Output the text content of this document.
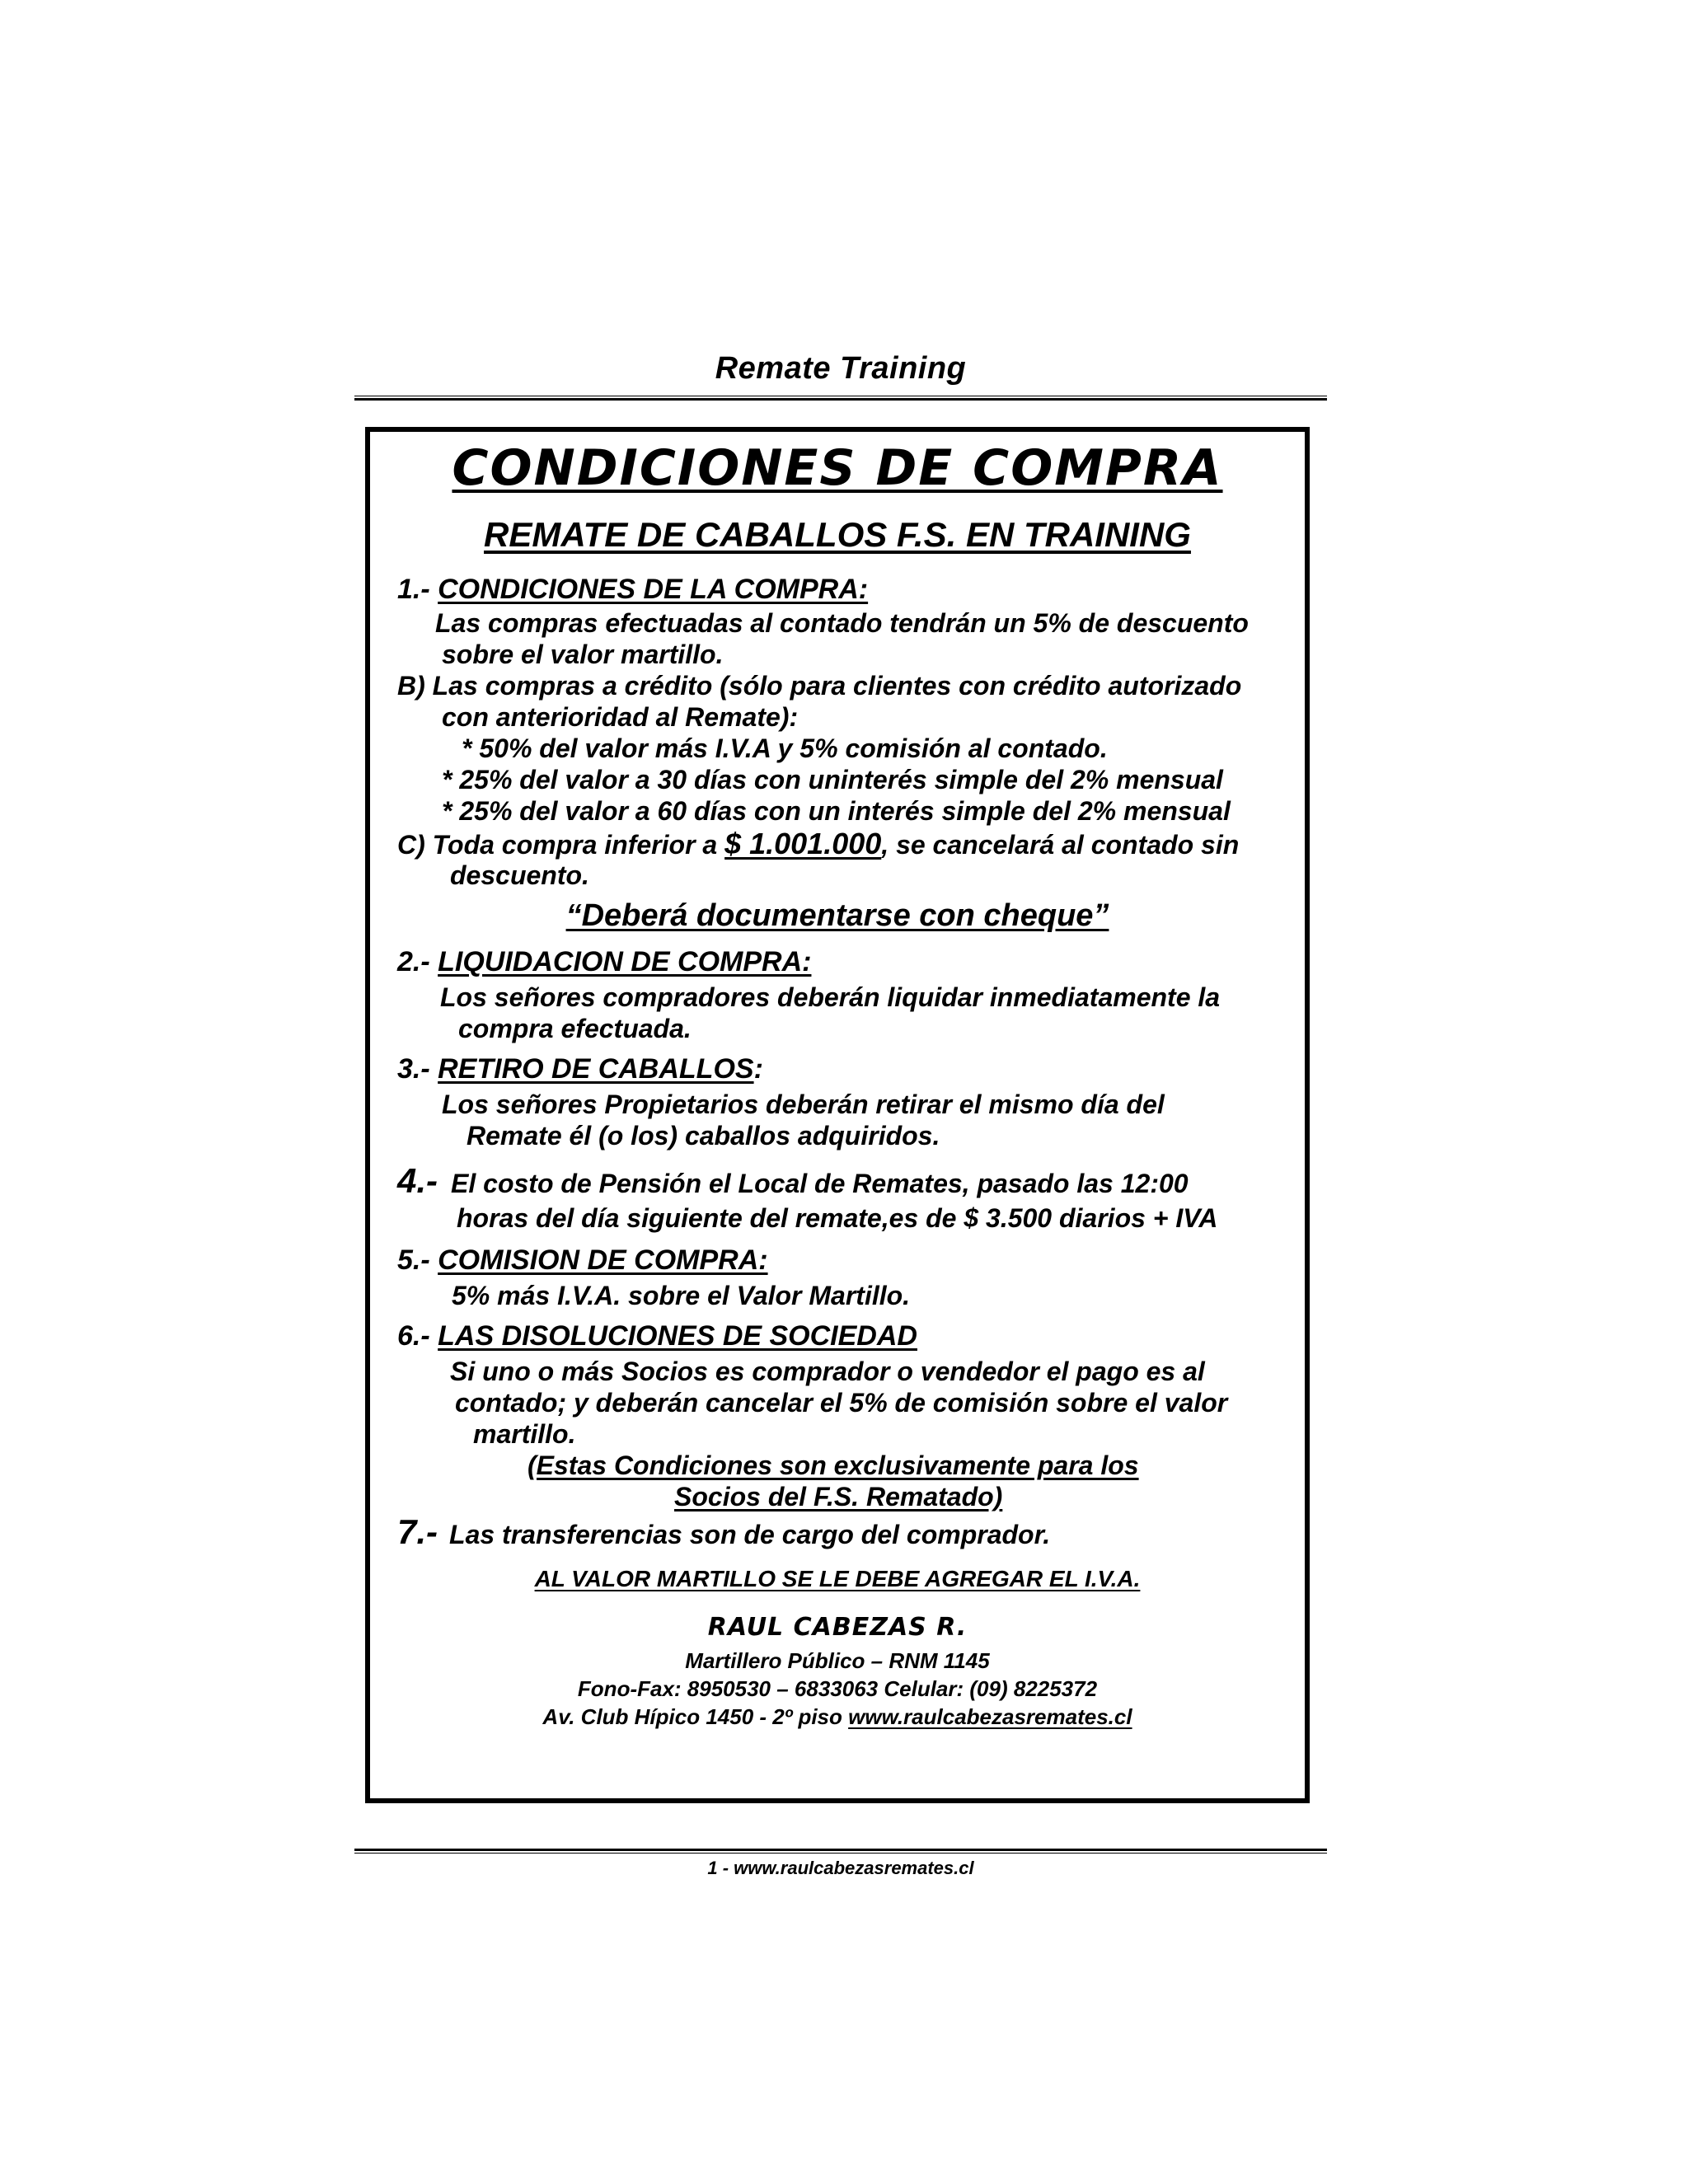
Remate Training
CONDICIONES DE COMPRA
REMATE DE CABALLOS F.S. EN TRAINING
1.- CONDICIONES DE LA COMPRA:
Las compras efectuadas al contado tendrán un 5% de descuento
sobre el valor martillo.
B) Las compras a crédito (sólo para clientes con crédito autorizado
con anterioridad al Remate):
* 50% del valor más I.V.A y 5% comisión al contado.
* 25% del valor a 30 días con uninterés simple del 2% mensual
* 25% del valor a 60 días con un interés simple del 2% mensual
C) Toda compra inferior a $ 1.001.000, se cancelará al contado sin
descuento.
“Deberá documentarse con cheque”
2.- LIQUIDACION DE COMPRA:
Los señores compradores deberán liquidar inmediatamente la
compra efectuada.
3.- RETIRO DE CABALLOS:
Los señores Propietarios deberán retirar el mismo día del
Remate él (o los) caballos adquiridos.
4.- El costo de Pensión el Local de Remates, pasado las 12:00
horas del día siguiente del remate,es de $ 3.500 diarios + IVA
5.- COMISION DE COMPRA:
5% más I.V.A. sobre el Valor Martillo.
6.- LAS DISOLUCIONES DE SOCIEDAD
Si uno o más Socios es comprador o vendedor el pago es al
contado; y deberán cancelar el 5% de comisión sobre el valor
martillo.
(Estas Condiciones son exclusivamente para los
Socios del F.S. Rematado)
7.- Las transferencias son de cargo del comprador.
AL VALOR MARTILLO SE LE DEBE AGREGAR EL I.V.A.
RAUL CABEZAS R.
Martillero Público – RNM 1145
Fono-Fax: 8950530 – 6833063 Celular: (09) 8225372
Av. Club Hípico 1450 - 2º piso www.raulcabezasremates.cl
1 - www.raulcabezasremates.cl
